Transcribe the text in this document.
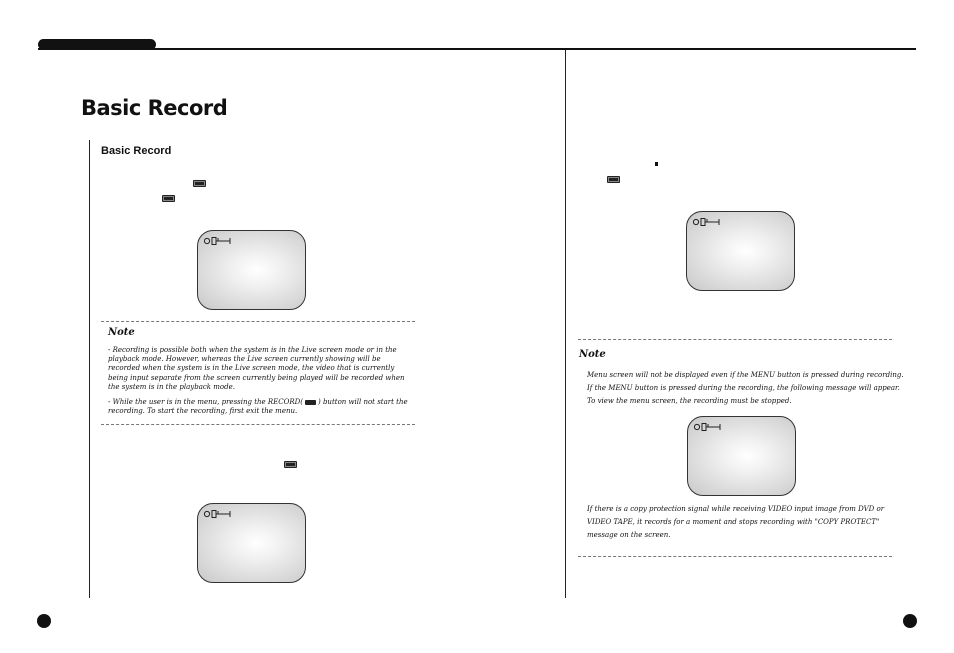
Basic Record
Basic Record
Note
- Recording is possible both when the system is in the Live screen mode or in the playback mode. However, whereas the Live screen currently showing will be recorded when the system is in the Live screen mode, the video that is currently being input separate from the screen currently being played will be recorded when the system is in the playback mode.
- While the user is in the menu, pressing the RECORD( ) button will not start the recording. To start the recording, first exit the menu.
Note
Menu screen will not be displayed even if the MENU button is pressed during recording.
If the MENU button is pressed during the recording, the following message will appear.
To view the menu screen, the recording must be stopped.
If there is a copy protection signal while receiving VIDEO input image from DVD or
VIDEO TAPE, it records for a moment and stops recording with "COPY PROTECT"
message on the screen.
